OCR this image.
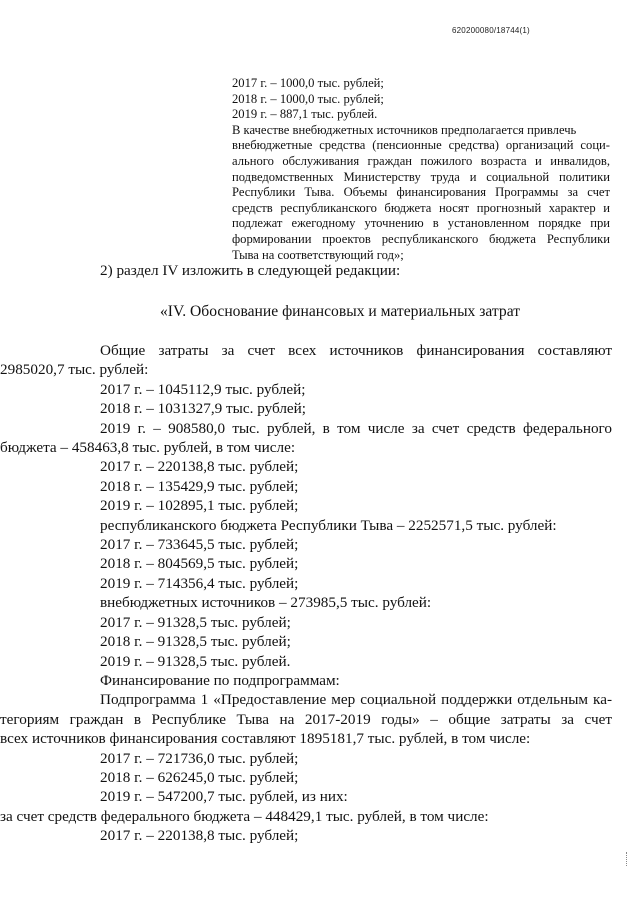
620200080/18744(1)
2017 г. – 1000,0 тыс. рублей;
2018 г. – 1000,0 тыс. рублей;
2019 г. – 887,1 тыс. рублей.
В качестве внебюджетных источников предполагается привлечь
внебюджетные средства (пенсионные средства) организаций соци-
ального обслуживания граждан пожилого возраста и инвалидов,
подведомственных Министерству труда и социальной политики
Республики Тыва. Объемы финансирования Программы за счет
средств республиканского бюджета носят прогнозный характер и
подлежат ежегодному уточнению в установленном порядке при
формировании проектов республиканского бюджета Республики
Тыва на соответствующий год»;
2) раздел IV изложить в следующей редакции:
«IV. Обоснование финансовых и материальных затрат
Общие затраты за счет всех источников финансирования составляют
2985020,7 тыс. рублей:
2017 г. – 1045112,9 тыс. рублей;
2018 г. – 1031327,9 тыс. рублей;
2019 г. – 908580,0 тыс. рублей, в том числе за счет средств федерального
бюджета – 458463,8 тыс. рублей, в том числе:
2017 г. – 220138,8 тыс. рублей;
2018 г. – 135429,9 тыс. рублей;
2019 г. – 102895,1 тыс. рублей;
республиканского бюджета Республики Тыва – 2252571,5 тыс. рублей:
2017 г. – 733645,5 тыс. рублей;
2018 г. – 804569,5 тыс. рублей;
2019 г. – 714356,4 тыс. рублей;
внебюджетных источников – 273985,5 тыс. рублей:
2017 г. – 91328,5 тыс. рублей;
2018 г. – 91328,5 тыс. рублей;
2019 г. – 91328,5 тыс. рублей.
Финансирование по подпрограммам:
Подпрограмма 1 «Предоставление мер социальной поддержки отдельным ка-
тегориям граждан в Республике Тыва на 2017-2019 годы» – общие затраты за счет
всех источников финансирования составляют 1895181,7 тыс. рублей, в том числе:
2017 г. – 721736,0 тыс. рублей;
2018 г. – 626245,0 тыс. рублей;
2019 г. – 547200,7 тыс. рублей, из них:
за счет средств федерального бюджета – 448429,1 тыс. рублей, в том числе:
2017 г. – 220138,8 тыс. рублей;
